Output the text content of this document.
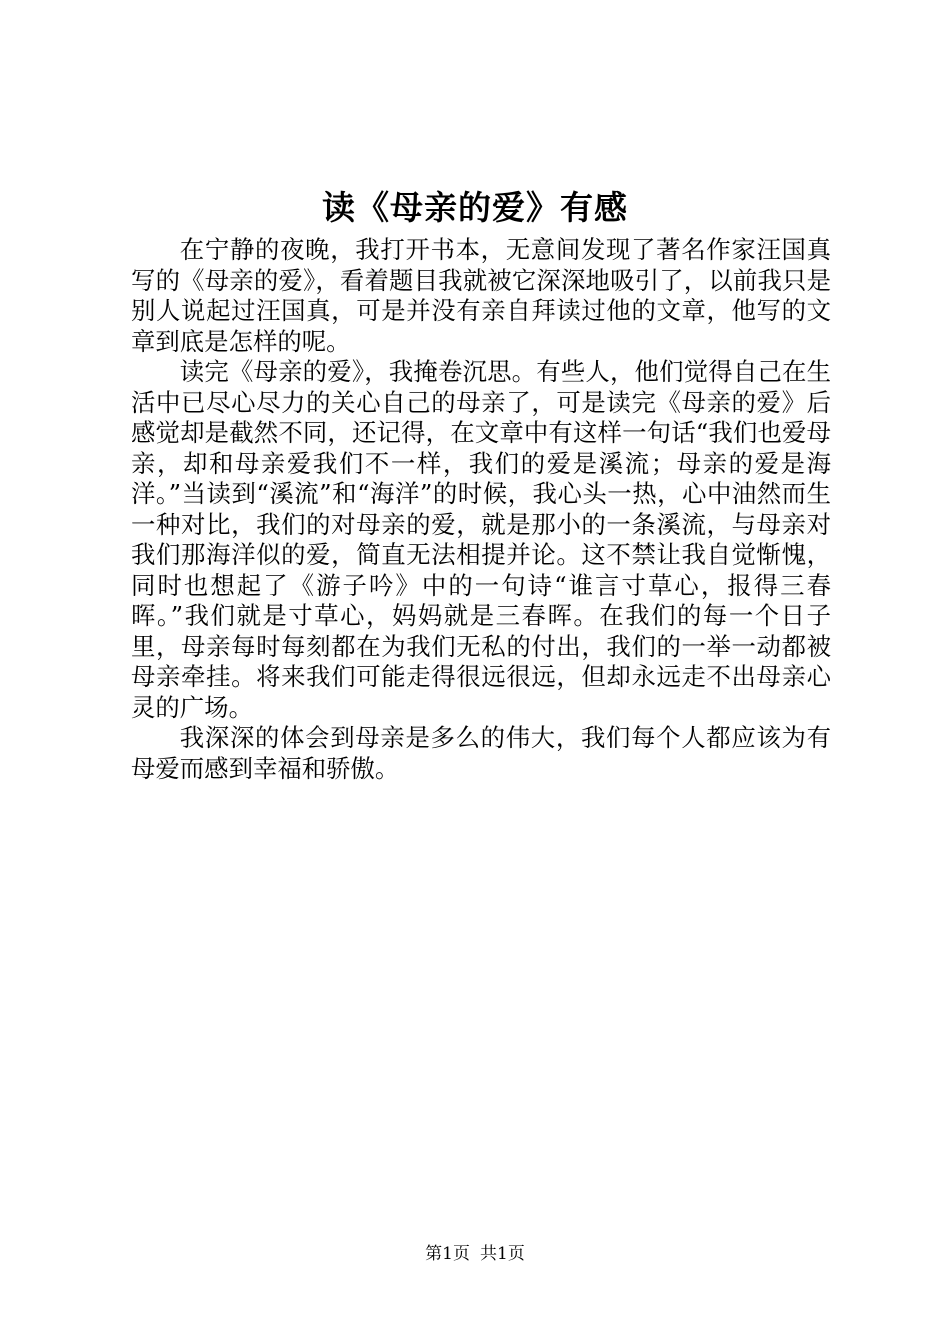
读《母亲的爱》有感

在宁静的夜晚，我打开书本，无意间发现了著名作家汪国真写的《母亲的爱》，看着题目我就被它深深地吸引了，以前我只是别人说起过汪国真，可是并没有亲自拜读过他的文章，他写的文章到底是怎样的呢。

读完《母亲的爱》，我掩卷沉思。有些人，他们觉得自己在生活中已尽心尽力的关心自己的母亲了，可是读完《母亲的爱》后感觉却是截然不同，还记得，在文章中有这样一句话“我们也爱母亲，却和母亲爱我们不一样，我们的爱是溪流；母亲的爱是海洋。”当读到“溪流”和“海洋”的时候，我心头一热，心中油然而生一种对比，我们的对母亲的爱，就是那小的一条溪流，与母亲对我们那海洋似的爱，简直无法相提并论。这不禁让我自觉惭愧，同时也想起了《游子吟》中的一句诗“谁言寸草心，报得三春晖。”我们就是寸草心，妈妈就是三春晖。在我们的每一个日子里，母亲每时每刻都在为我们无私的付出，我们的一举一动都被母亲牵挂。将来我们可能走得很远很远，但却永远走不出母亲心灵的广场。

我深深的体会到母亲是多么的伟大，我们每个人都应该为有母爱而感到幸福和骄傲。

第1页 共1页
